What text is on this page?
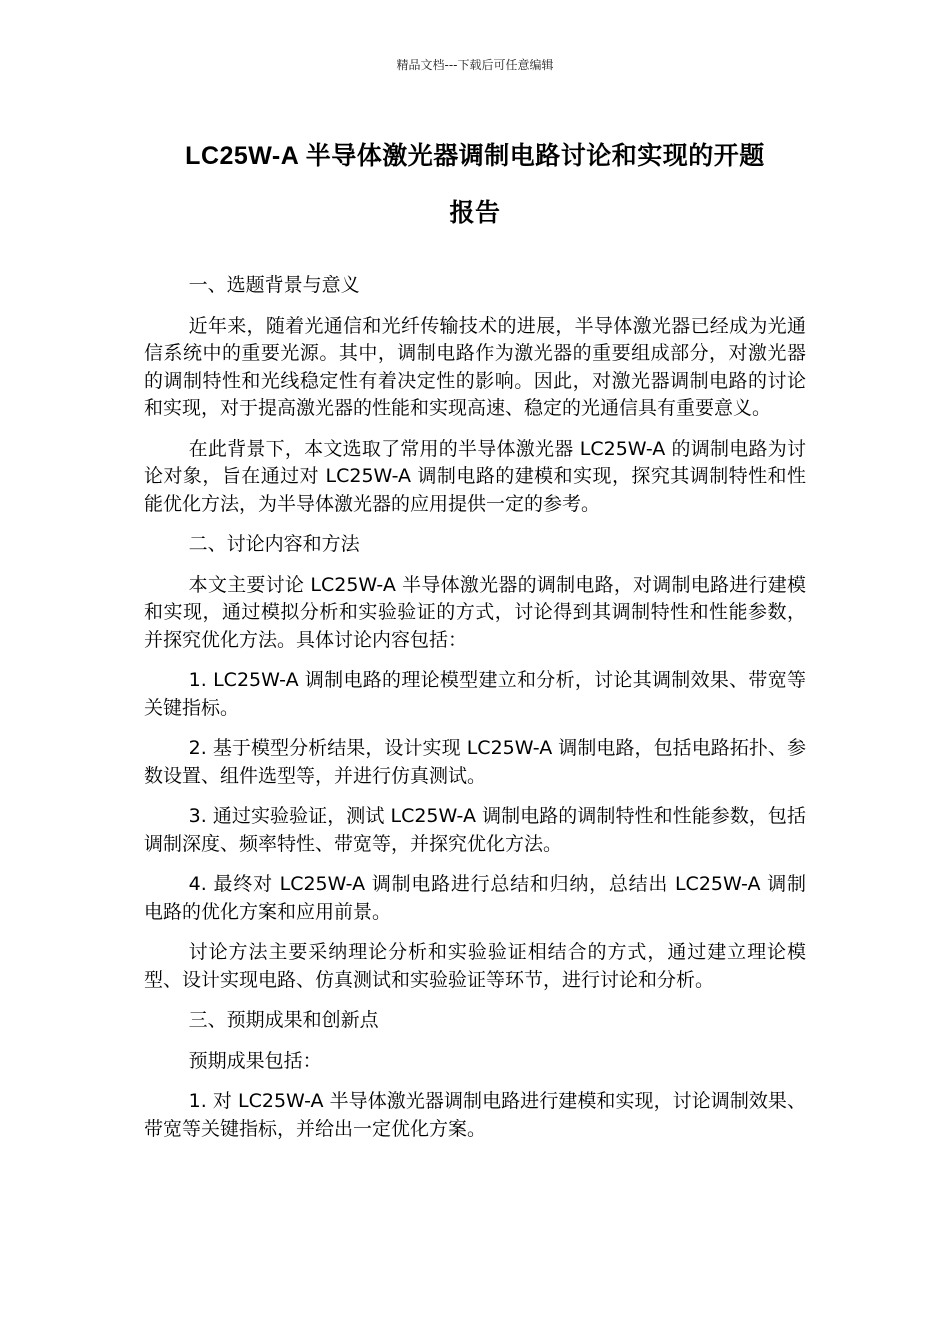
精品文档---下载后可任意编辑
LC25W-A 半导体激光器调制电路讨论和实现的开题
报告

一、选题背景与意义

近年来，随着光通信和光纤传输技术的进展，半导体激光器已经成为光通信系统中的重要光源。其中，调制电路作为激光器的重要组成部分，对激光器的调制特性和光线稳定性有着决定性的影响。因此，对激光器调制电路的讨论和实现，对于提高激光器的性能和实现高速、稳定的光通信具有重要意义。

在此背景下，本文选取了常用的半导体激光器 LC25W-A 的调制电路为讨论对象，旨在通过对 LC25W-A 调制电路的建模和实现，探究其调制特性和性能优化方法，为半导体激光器的应用提供一定的参考。

二、讨论内容和方法

本文主要讨论 LC25W-A 半导体激光器的调制电路，对调制电路进行建模和实现，通过模拟分析和实验验证的方式，讨论得到其调制特性和性能参数，并探究优化方法。具体讨论内容包括：

1. LC25W-A 调制电路的理论模型建立和分析，讨论其调制效果、带宽等关键指标。

2. 基于模型分析结果，设计实现 LC25W-A 调制电路，包括电路拓扑、参数设置、组件选型等，并进行仿真测试。

3. 通过实验验证，测试 LC25W-A 调制电路的调制特性和性能参数，包括调制深度、频率特性、带宽等，并探究优化方法。

4. 最终对 LC25W-A 调制电路进行总结和归纳，总结出 LC25W-A 调制电路的优化方案和应用前景。

讨论方法主要采纳理论分析和实验验证相结合的方式，通过建立理论模型、设计实现电路、仿真测试和实验验证等环节，进行讨论和分析。

三、预期成果和创新点

预期成果包括：

1. 对 LC25W-A 半导体激光器调制电路进行建模和实现，讨论调制效果、带宽等关键指标，并给出一定优化方案。
